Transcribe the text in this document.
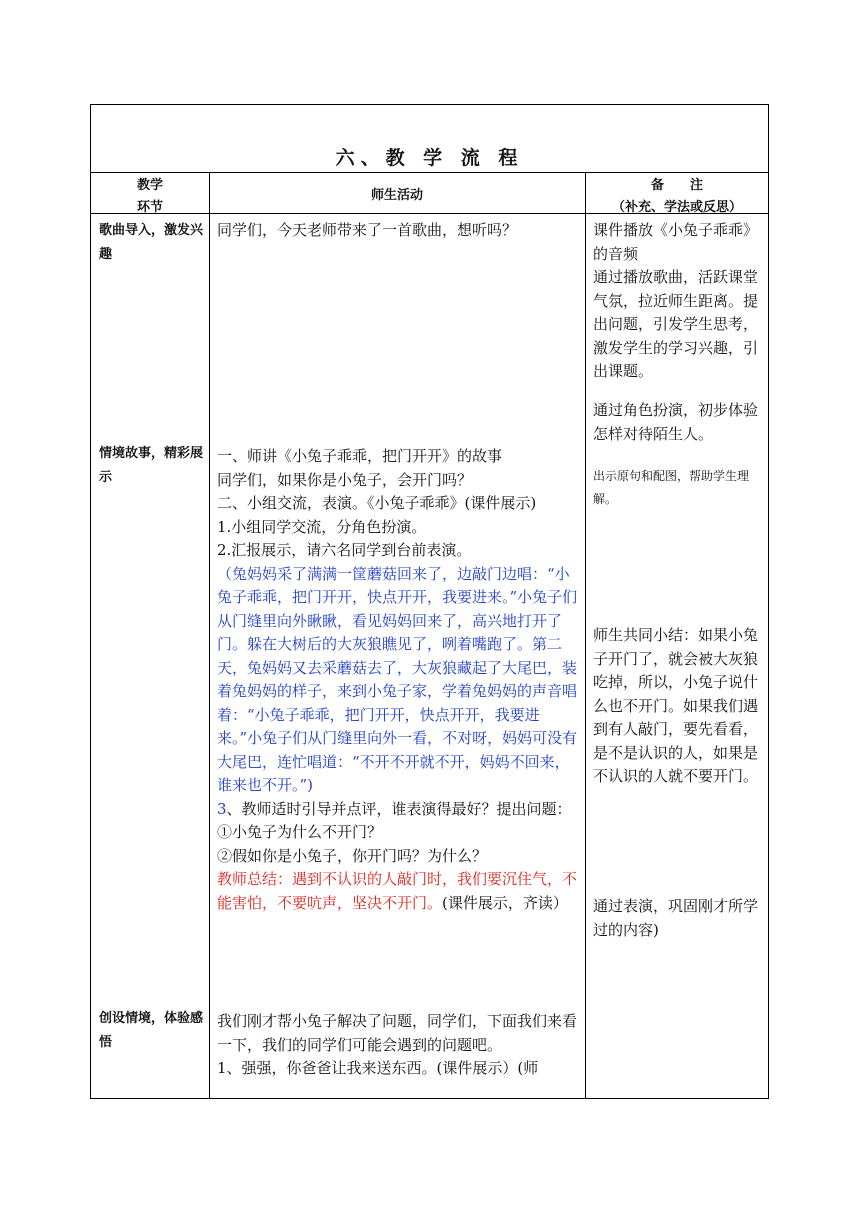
六、教 学 流 程
教学
环节
师生活动
备　　注
（补充、学法或反思）
歌曲导入，激发兴趣
情境故事，精彩展示
创设情境，体验感悟

同学们，今天老师带来了一首歌曲，想听吗？

一、师讲《小兔子乖乖，把门开开》的故事

同学们，如果你是小兔子，会开门吗？

二、小组交流，表演。《小兔子乖乖》(课件展示)

1.小组同学交流，分角色扮演。

2.汇报展示，请六名同学到台前表演。

（兔妈妈采了满满一筐蘑菇回来了，边敲门边唱：“小兔子乖乖，把门开开，快点开开，我要进来。”小兔子们从门缝里向外瞅瞅，看见妈妈回来了，高兴地打开了门。躲在大树后的大灰狼瞧见了，咧着嘴跑了。第二天，兔妈妈又去采蘑菇去了，大灰狼藏起了大尾巴，装着兔妈妈的样子，来到小兔子家，学着兔妈妈的声音唱着：“小兔子乖乖，把门开开，快点开开，我要进来。”小兔子们从门缝里向外一看，不对呀，妈妈可没有大尾巴，连忙唱道：“不开不开就不开，妈妈不回来，谁来也不开。”)

3、教师适时引导并点评，谁表演得最好？提出问题：

①小兔子为什么不开门？

②假如你是小兔子，你开门吗？为什么？

教师总结：遇到不认识的人敲门时，我们要沉住气，不能害怕，不要吭声，坚决不开门。(课件展示，齐读）

我们刚才帮小兔子解决了问题，同学们，下面我们来看一下，我们的同学们可能会遇到的问题吧。

1、强强，你爸爸让我来送东西。(课件展示）(师

课件播放《小兔子乖乖》的音频

通过播放歌曲，活跃课堂气氛，拉近师生距离。提出问题，引发学生思考，激发学生的学习兴趣，引出课题。

通过角色扮演，初步体验怎样对待陌生人。
出示原句和配图，帮助学生理解。
师生共同小结：如果小兔子开门了，就会被大灰狼吃掉，所以，小兔子说什么也不开门。如果我们遇到有人敲门，要先看看，是不是认识的人，如果是不认识的人就不要开门。
通过表演，巩固刚才所学过的内容)
